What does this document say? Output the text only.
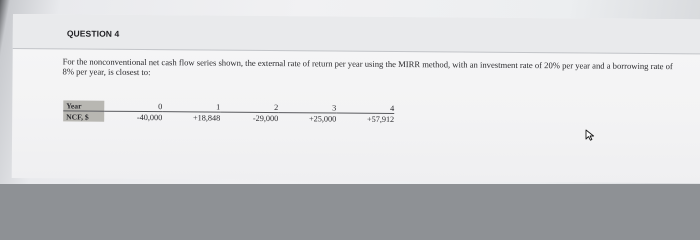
QUESTION 4
For the nonconventional net cash flow series shown, the external rate of return per year using the MIRR method, with an investment rate of 20% per year and a borrowing rate of 8% per year, is closest to:
Year	0	1	2	3	4
NCF, $	-40,000	+18,848	-29,000	+25,000	+57,912
